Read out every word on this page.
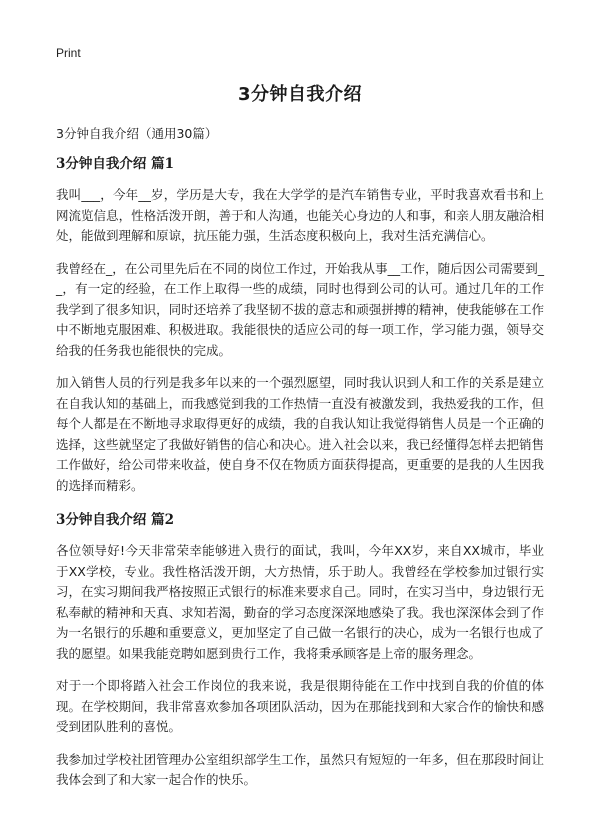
Print
3分钟自我介绍
3分钟自我介绍（通用30篇）
3分钟自我介绍 篇1

我叫___，今年__岁，学历是大专，我在大学学的是汽车销售专业，平时我喜欢看书和上网流览信息，性格活泼开朗，善于和人沟通，也能关心身边的人和事，和亲人朋友融洽相处，能做到理解和原谅，抗压能力强，生活态度积极向上，我对生活充满信心。

我曾经在_，在公司里先后在不同的岗位工作过，开始我从事__工作，随后因公司需要到__，有一定的经验，在工作上取得一些的成绩，同时也得到公司的认可。通过几年的工作我学到了很多知识，同时还培养了我坚韧不拔的意志和顽强拼搏的精神，使我能够在工作中不断地克服困难、积极进取。我能很快的适应公司的每一项工作，学习能力强，领导交给我的任务我也能很快的完成。

加入销售人员的行列是我多年以来的一个强烈愿望，同时我认识到人和工作的关系是建立在自我认知的基础上，而我感觉到我的工作热情一直没有被激发到，我热爱我的工作，但每个人都是在不断地寻求取得更好的成绩，我的自我认知让我觉得销售人员是一个正确的选择，这些就坚定了我做好销售的信心和决心。进入社会以来，我已经懂得怎样去把销售工作做好，给公司带来收益，使自身不仅在物质方面获得提高，更重要的是我的人生因我的选择而精彩。

3分钟自我介绍 篇2

各位领导好!今天非常荣幸能够进入贵行的面试，我叫，今年XX岁，来自XX城市，毕业于XX学校，专业。我性格活泼开朗，大方热情，乐于助人。我曾经在学校参加过银行实习，在实习期间我严格按照正式银行的标准来要求自己。同时，在实习当中，身边银行无私奉献的精神和天真、求知若渴，勤奋的学习态度深深地感染了我。我也深深体会到了作为一名银行的乐趣和重要意义，更加坚定了自己做一名银行的决心，成为一名银行也成了我的愿望。如果我能竞聘如愿到贵行工作，我将秉承顾客是上帝的服务理念。

对于一个即将踏入社会工作岗位的我来说，我是很期待能在工作中找到自我的价值的体现。在学校期间，我非常喜欢参加各项团队活动，因为在那能找到和大家合作的愉快和感受到团队胜利的喜悦。

我参加过学校社团管理办公室组织部学生工作，虽然只有短短的一年多，但在那段时间让我体会到了和大家一起合作的快乐。
